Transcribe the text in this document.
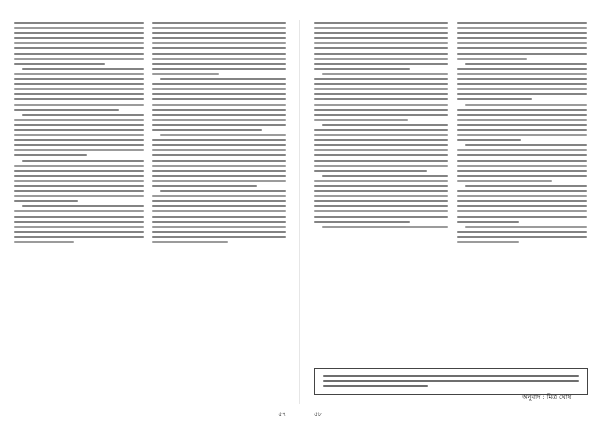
৫৭
অনুবাদ : মিত্র ঘোষ
৫৮
